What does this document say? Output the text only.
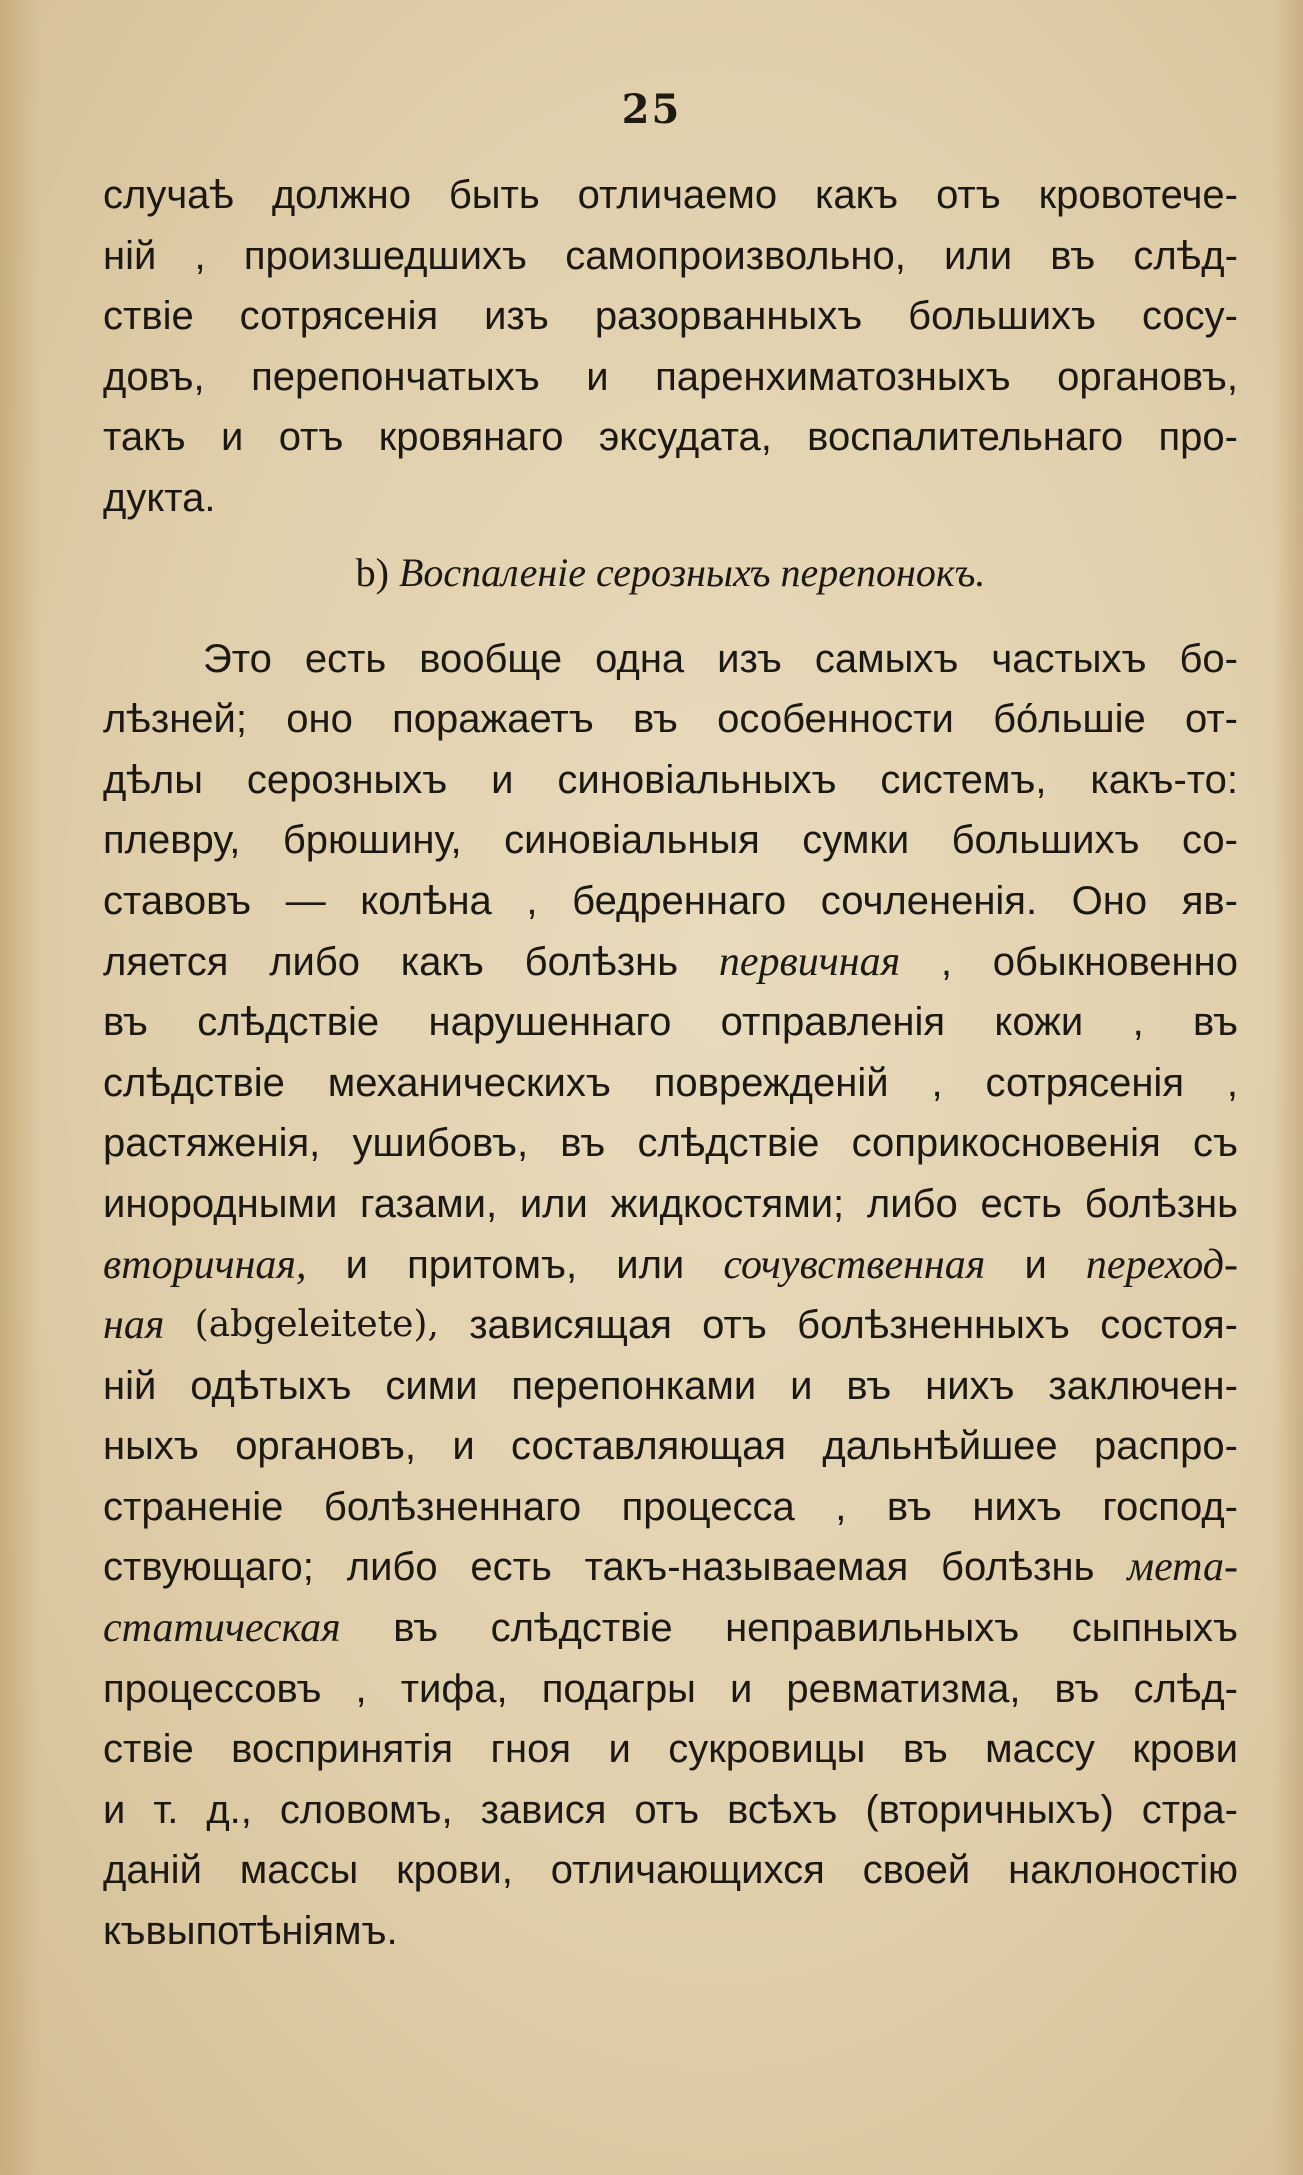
25
случаѣ должно быть отличаемо какъ отъ кровотече-
нiй , произшедшихъ самопроизвольно, или въ слѣд-
ствiе сотрясенiя изъ разорванныхъ большихъ сосу-
довъ, перепончатыхъ и паренхиматозныхъ органовъ,
такъ и отъ кровянаго эксудата, воспалительнаго про-
дукта.
b) Воспаленiе серозныхъ перепонокъ.
Это есть вообще одна изъ самыхъ частыхъ бо-
лѣзней; оно поражаетъ въ особенности бо́льшiе от-
дѣлы серозныхъ и синовiальныхъ системъ, какъ-то:
плевру, брюшину, синовiальныя сумки большихъ со-
ставовъ — колѣна , бедреннаго сочлененiя. Оно яв-
ляется либо какъ болѣзнь первичная , обыкновенно
въ слѣдствiе нарушеннаго отправленiя кожи , въ
слѣдствiе механическихъ поврежденiй , сотрясенiя ,
растяженiя, ушибовъ, въ слѣдствiе соприкосновенiя съ
инородными газами, или жидкостями; либо есть болѣзнь
вторичная, и притомъ, или сочувственная и переход-
ная (abgeleitete), зависящая отъ болѣзненныхъ состоя-
нiй одѣтыхъ сими перепонками и въ нихъ заключен-
ныхъ органовъ, и составляющая дальнѣйшее распро-
страненiе болѣзненнаго процесса , въ нихъ господ-
ствующаго; либо есть такъ-называемая болѣзнь мета-
статическая въ слѣдствiе неправильныхъ сыпныхъ
процессовъ , тифа, подагры и ревматизма, въ слѣд-
ствiе воспринятiя гноя и сукровицы въ массу крови
и т. д., словомъ, завися отъ всѣхъ (вторичныхъ) стра-
данiй массы крови, отличающихся своей наклоностiю
къ выпотѣнiямъ.
